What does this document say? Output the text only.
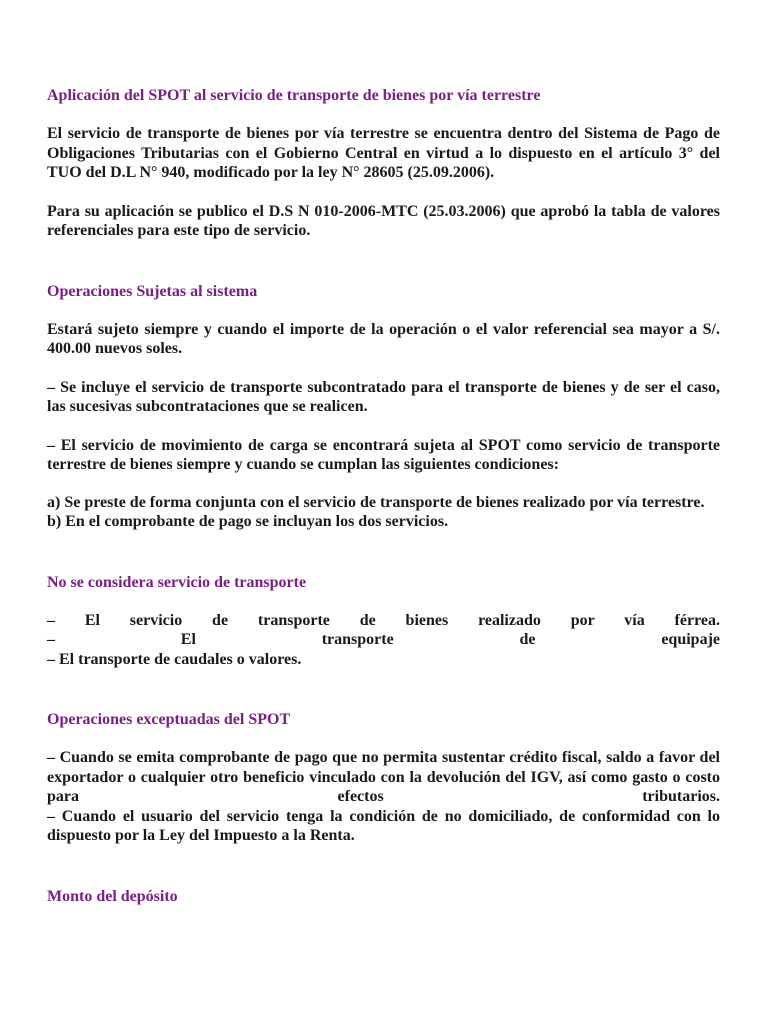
Aplicación del SPOT al servicio de transporte de bienes por vía terrestre

El servicio de transporte de bienes por vía terrestre se encuentra dentro del Sistema de Pago de Obligaciones Tributarias con el Gobierno Central en virtud a lo dispuesto en el artículo 3° del TUO del D.L N° 940, modificado por la ley N° 28605 (25.09.2006).

Para su aplicación se publico el D.S N 010-2006-MTC (25.03.2006) que aprobó la tabla de valores referenciales para este tipo de servicio.

Operaciones Sujetas al sistema

Estará sujeto siempre y cuando el importe de la operación o el valor referencial sea mayor a S/. 400.00 nuevos soles.

– Se incluye el servicio de transporte subcontratado para el transporte de bienes y de ser el caso, las sucesivas subcontrataciones que se realicen.

– El servicio de movimiento de carga se encontrará sujeta al SPOT como servicio de transporte terrestre de bienes siempre y cuando se cumplan las siguientes condiciones:

a) Se preste de forma conjunta con el servicio de transporte de bienes realizado por vía terrestre.
b) En el comprobante de pago se incluyan los dos servicios.
No se considera servicio de transporte
– El servicio de transporte de bienes realizado por vía férrea.
– El transporte de equipaje
– El transporte de caudales o valores.
Operaciones exceptuadas del SPOT
– Cuando se emita comprobante de pago que no permita sustentar crédito fiscal, saldo a favor del exportador o cualquier otro beneficio vinculado con la devolución del IGV, así como gasto o costo para efectos tributarios.
– Cuando el usuario del servicio tenga la condición de no domiciliado, de conformidad con lo dispuesto por la Ley del Impuesto a la Renta.
Monto del depósito
